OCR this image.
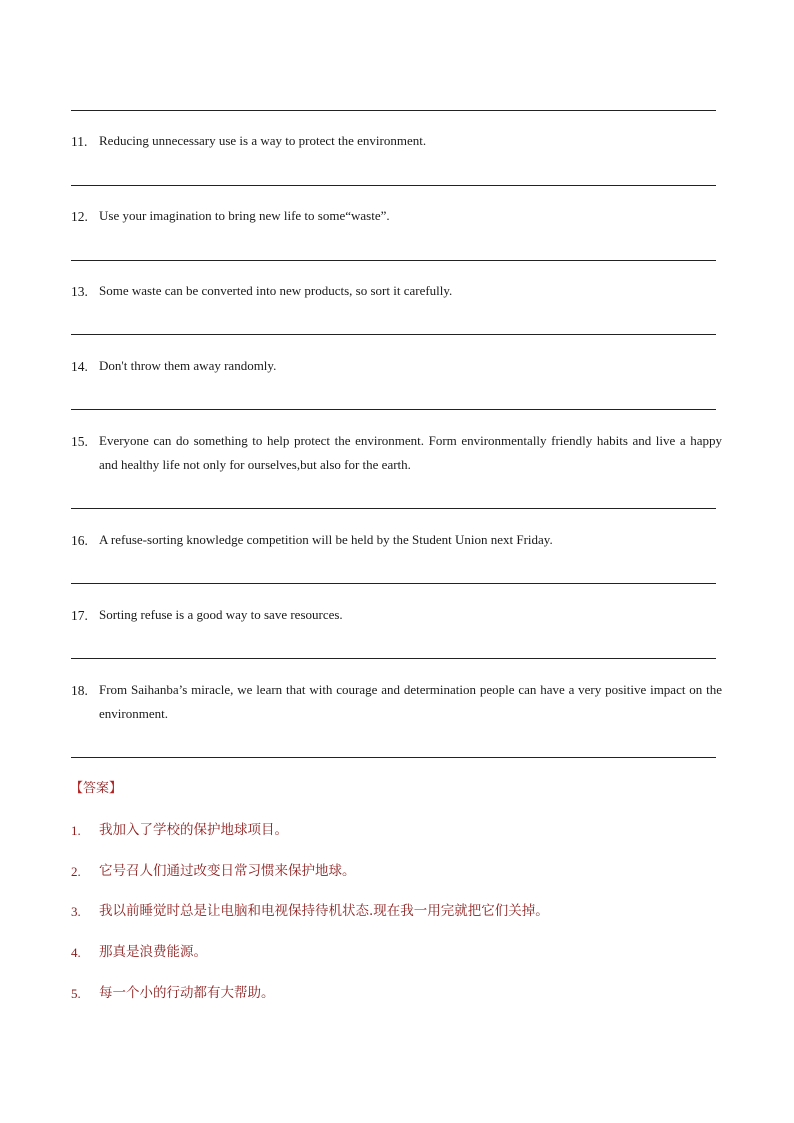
11. Reducing unnecessary use is a way to protect the environment.
12. Use your imagination to bring new life to some“waste”.
13. Some waste can be converted into new products, so sort it carefully.
14. Don't throw them away randomly.
15. Everyone can do something to help protect the environment. Form environmentally friendly habits and live a happy and healthy life not only for ourselves,but also for the earth.
16. A refuse-sorting knowledge competition will be held by the Student Union next Friday.
17. Sorting refuse is a good way to save resources.
18. From Saihanba’s miracle, we learn that with courage and determination people can have a very positive impact on the environment.
【答案】
1. 我加入了学校的保护地球项目。
2. 它号召人们通过改变日常习惯来保护地球。
3. 我以前睡觉时总是让电脑和电视保持待机状态.现在我一用完就把它们关掉。
4. 那真是浪费能源。
5. 每一个小的行动都有大帮助。
